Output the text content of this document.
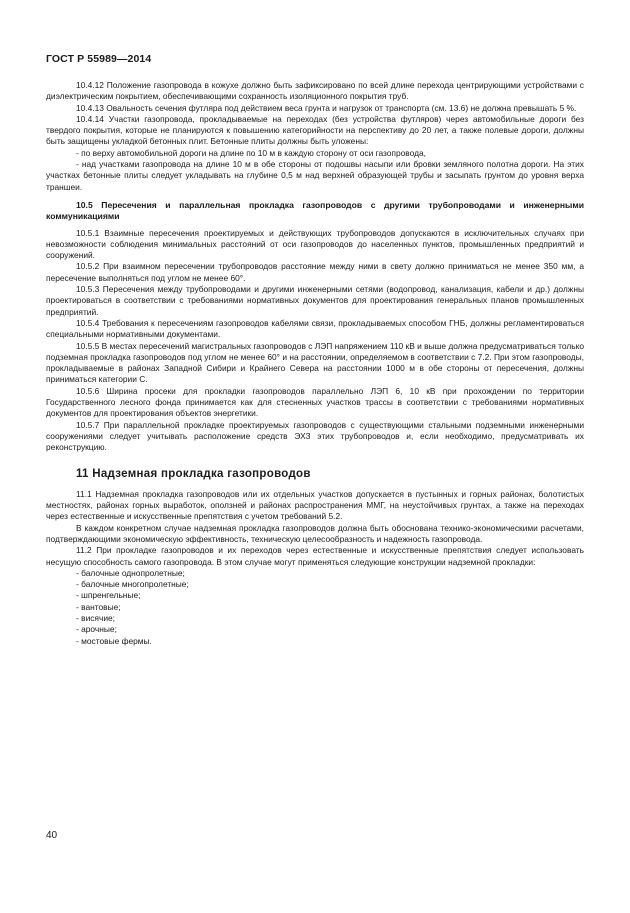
ГОСТ Р 55989—2014

10.4.12 Положение газопровода в кожухе должно быть зафиксировано по всей длине перехода центрирующими устройствами с диэлектрическим покрытием, обеспечивающими сохранность изоляционного покрытия труб.

10.4.13 Овальность сечения футляра под действием веса грунта и нагрузок от транспорта (см. 13.6) не должна превышать 5 %.

10.4.14 Участки газопровода, прокладываемые на переходах (без устройства футляров) через автомобильные дороги без твердого покрытия, которые не планируются к повышению категорийности на перспективу до 20 лет, а также полевые дороги, должны быть защищены укладкой бетонных плит. Бетонные плиты должны быть уложены:

- по верху автомобильной дороги на длине по 10 м в каждую сторону от оси газопровода,

- над участками газопровода на длине 10 м в обе стороны от подошвы насыпи или бровки земляного полотна дороги. На этих участках бетонные плиты следует укладывать на глубине 0,5 м над верхней образующей трубы и засыпать грунтом до уровня верха траншеи.

10.5 Пересечения и параллельная прокладка газопроводов с другими трубопроводами и инженерными коммуникациями

10.5.1 Взаимные пересечения проектируемых и действующих трубопроводов допускаются в исключительных случаях при невозможности соблюдения минимальных расстояний от оси газопроводов до населенных пунктов, промышленных предприятий и сооружений.

10.5.2 При взаимном пересечении трубопроводов расстояние между ними в свету должно приниматься не менее 350 мм, а пересечение выполняться под углом не менее 60°.

10.5.3 Пересечения между трубопроводами и другими инженерными сетями (водопровод, канализация, кабели и др.) должны проектироваться в соответствии с требованиями нормативных документов для проектирования генеральных планов промышленных предприятий.

10.5.4 Требования к пересечениям газопроводов кабелями связи, прокладываемых способом ГНБ, должны регламентироваться специальными нормативными документами.

10.5.5 В местах пересечений магистральных газопроводов с ЛЭП напряжением 110 кВ и выше должна предусматриваться только подземная прокладка газопроводов под углом не менее 60° и на расстоянии, определяемом в соответствии с 7.2. При этом газопроводы, прокладываемые в районах Западной Сибири и Крайнего Севера на расстоянии 1000 м в обе стороны от пересечения, должны приниматься категории С.

10.5.6 Ширина просеки для прокладки газопроводов параллельно ЛЭП 6, 10 кВ при прохождении по территории Государственного лесного фонда принимается как для стесненных участков трассы в соответствии с требованиями нормативных документов для проектирования объектов энергетики.

10.5.7 При параллельной прокладке проектируемых газопроводов с существующими стальными подземными инженерными сооружениями следует учитывать расположение средств ЭХЗ этих трубопроводов и, если необходимо, предусматривать их реконструкцию.

11 Надземная прокладка газопроводов

11.1 Надземная прокладка газопроводов или их отдельных участков допускается в пустынных и горных районах, болотистых местностях, районах горных выработок, оползней и районах распространения ММГ, на неустойчивых грунтах, а также на переходах через естественные и искусственные препятствия с учетом требований 5.2.

В каждом конкретном случае надземная прокладка газопроводов должна быть обоснована технико-экономическими расчетами, подтверждающими экономическую эффективность, техническую целесообразность и надежность газопровода.

11.2 При прокладке газопроводов и их переходов через естественные и искусственные препятствия следует использовать несущую способность самого газопровода. В этом случае могут применяться следующие конструкции надземной прокладки:

- балочные однопролетные;

- балочные многопролетные;

- шпренгельные;

- вантовые;

- висячие;

- арочные;

- мостовые фермы.

40
